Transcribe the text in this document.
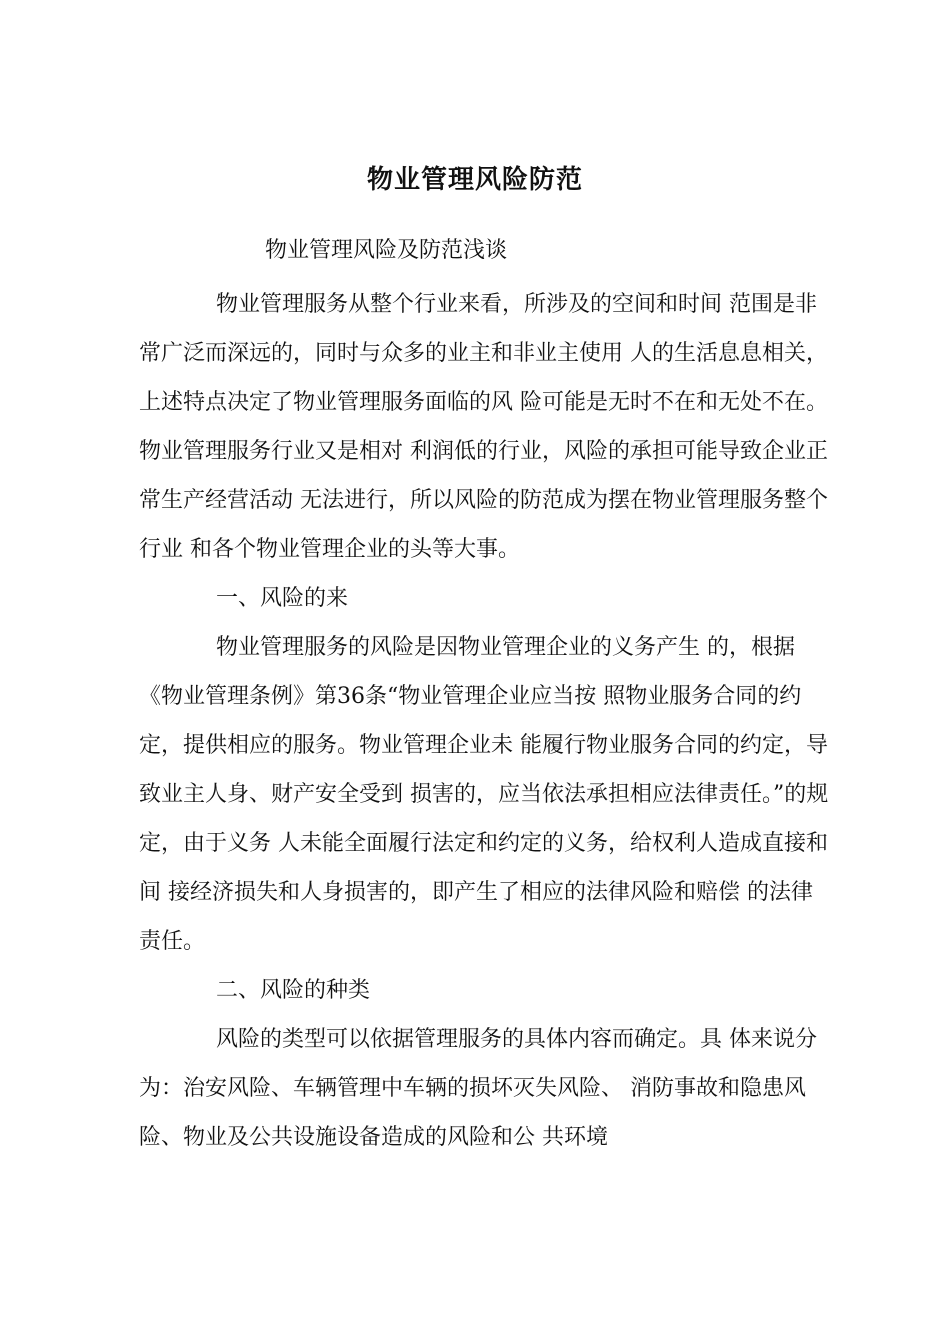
物业管理风险防范
物业管理风险及防范浅谈

物业管理服务从整个行业来看，所涉及的空间和时间 范围是非常广泛而深远的，同时与众多的业主和非业主使用 人的生活息息相关，上述特点决定了物业管理服务面临的风 险可能是无时不在和无处不在。物业管理服务行业又是相对 利润低的行业，风险的承担可能导致企业正常生产经营活动 无法进行，所以风险的防范成为摆在物业管理服务整个行业 和各个物业管理企业的头等大事。

一、风险的来

物业管理服务的风险是因物业管理企业的义务产生 的，根据《物业管理条例》第36条“物业管理企业应当按 照物业服务合同的约定，提供相应的服务。物业管理企业未 能履行物业服务合同的约定，导致业主人身、财产安全受到 损害的，应当依法承担相应法律责任。”的规定，由于义务 人未能全面履行法定和约定的义务，给权利人造成直接和间 接经济损失和人身损害的，即产生了相应的法律风险和赔偿 的法律责任。

二、风险的种类

风险的类型可以依据管理服务的具体内容而确定。具 体来说分为：治安风险、车辆管理中车辆的损坏灭失风险、 消防事故和隐患风险、物业及公共设施设备造成的风险和公 共环境
